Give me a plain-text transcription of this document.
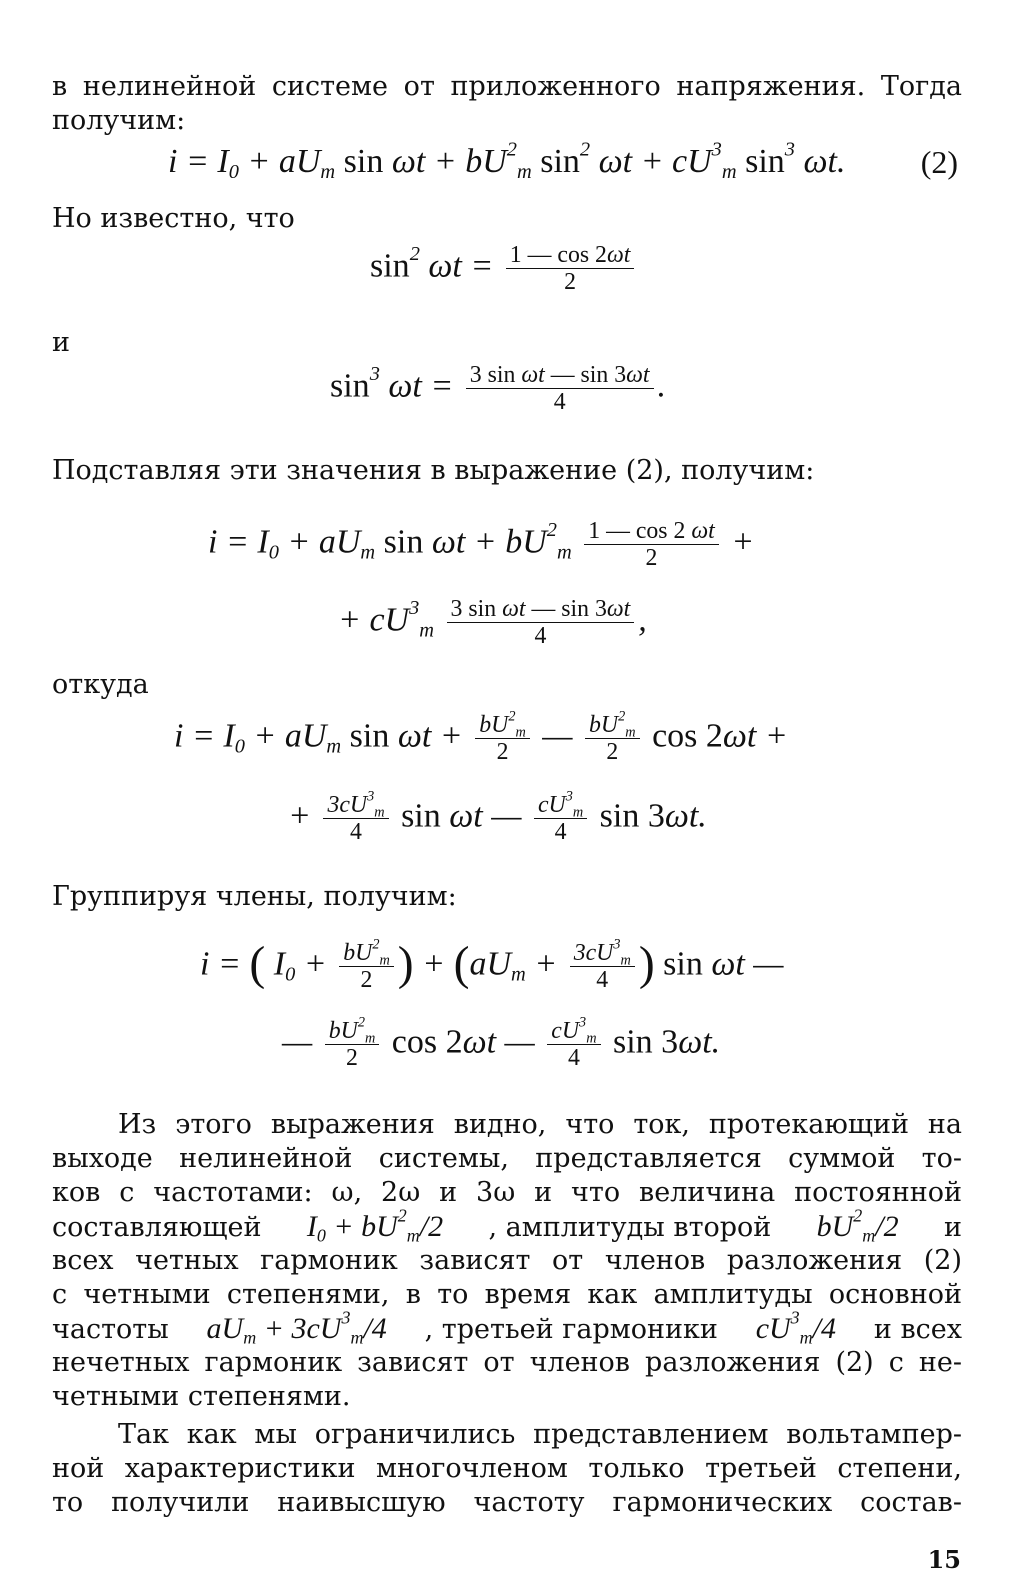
в нелинейной системе от приложенного напряжения. Тогда
получим:
$i = I_0 + aU_m$ $\sin \omega t + bU^2_m$ $\sin^2 \omega t + cU^3_m$ $\sin^3 \omega t$. (2)
Но известно, что
$\sin^2 \omega t = \frac{1 — \cos 2\omega t}{2}$
и
$\sin^3 \omega t = \frac{\text{3 sin ωt — sin 3ωt}}{4}$ .
Подставляя эти значения в выражение (2), получим:
$i = I_0 + aU_m$ $\sin \omega t + bU^2_m \frac{1 — \cos 2 \omega t}{2}$ +
+ $cU^3_m \frac{\text{3 sin ωt — sin 3ωt}}{4}$ ,
откуда
$i = I_0 + aU_m$ $\sin \omega t + \frac{bU^2_m}{2}$ — $\frac{bU^2_m}{2}$ cos 2ωt +
+ $\frac{3cU^3_m}{4}$ sin ωt — $\frac{cU^3_m}{4}$ sin 3ωt.
Группируя члены, получим:
i = ( $I_0 + \frac{bU^2_m}{2}$ ) + ($aU_m + \frac{3cU^3_m}{4}$ ) sin ωt —
— $\frac{bU^2_m}{2}$ cos 2ωt — $\frac{cU^3_m}{4}$ sin 3ωt.
Из этого выражения видно, что ток, протекающий на
выходе нелинейной системы, представляется суммой то-
ков с частотами: ω, 2ω и 3ω и что величина постоянной
составляющей $I_0 + bU^2_m/2$ , амплитуды второй $bU^2_m/2$ и
всех четных гармоник зависят от членов разложения (2)
с четными степенями, в то время как амплитуды основной
частоты $aU_m + 3cU^3_m/4$ , третьей гармоники $cU^3_m/4$ и всех
нечетных гармоник зависят от членов разложения (2) с не-
четными степенями.
Так как мы ограничились представлением вольтампер-
ной характеристики многочленом только третьей степени,
то получили наивысшую частоту гармонических состав-
15
